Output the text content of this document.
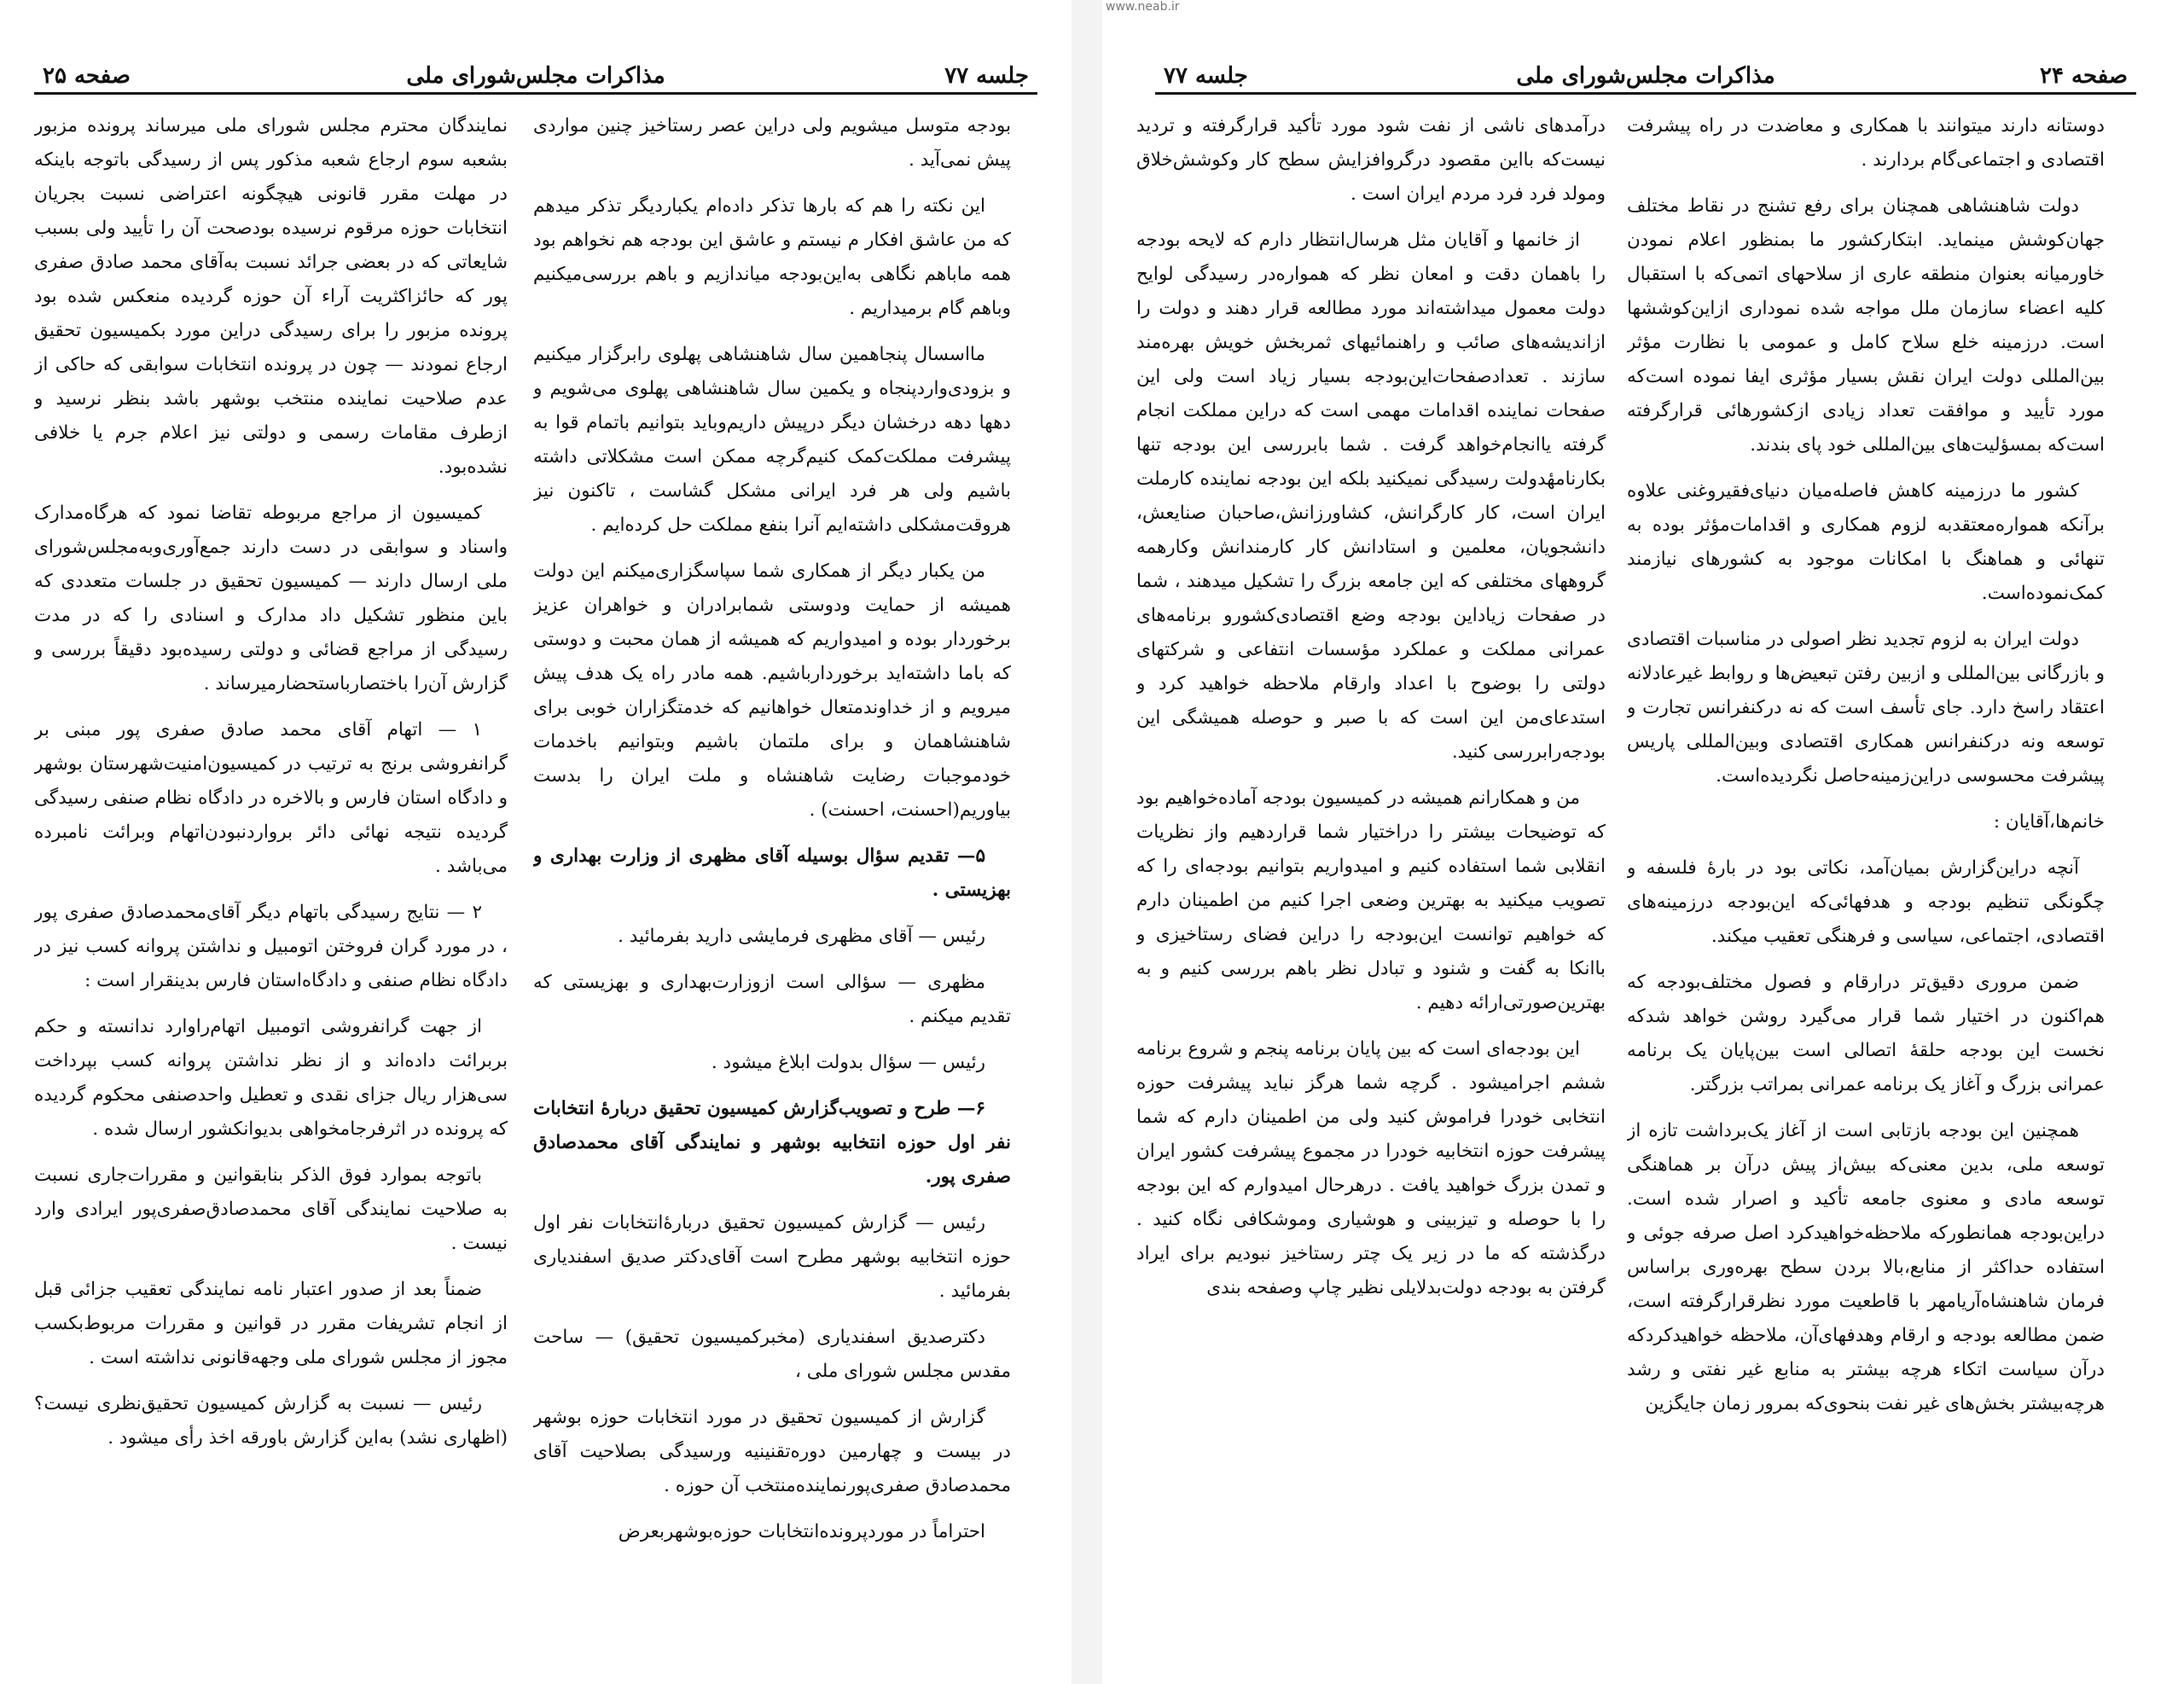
صفحه ۲۵	مذاکرات مجلس‌شورای ملی	جلسه ۷۷

بودجه متوسل میشویم ولی دراین عصر رستاخیز چنین مواردی پیش نمی‌آید .

این نکته را هم که بارها تذکر داده‌ام یکباردیگر تذکر میدهم که من عاشق افکار م نیستم و عاشق این بودجه هم نخواهم بود همه ماباهم نگاهی به‌این‌بودجه میاندازیم و باهم بررسی‌میکنیم وباهم گام برمیداریم .

مااسسال پنجاهمین سال شاهنشاهی پهلوی رابرگزار میکنیم و بزودی‌واردپنجاه و یکمین سال شاهنشاهی پهلوی می‌شویم و دهها دهه درخشان دیگر درپیش داریم‌وباید بتوانیم باتمام قوا به پیشرفت مملکت‌کمک کنیم‌گرچه ممکن است مشکلاتی داشته باشیم ولی هر فرد ایرانی مشکل گشاست ، تاکنون نیز هروقت‌مشکلی داشته‌ایم آنرا بنفع مملکت حل کرده‌ایم .

من یکبار دیگر از همکاری شما سپاسگزاری‌میکنم این دولت همیشه از حمایت ودوستی شمابرادران و خواهران عزیز برخوردار بوده و امیدواریم که همیشه از همان محبت و دوستی که باما داشته‌اید برخوردارباشیم. همه مادر راه یک هدف پیش میرویم و از خداوندمتعال خواهانیم که خدمتگزاران خوبی برای شاهنشاهمان و برای ملتمان باشیم وبتوانیم باخدمات خودموجبات رضایت شاهنشاه و ملت ایران را بدست بیاوریم(احسنت، احسنت) .

۵— تقدیم سؤال بوسیله آقای مظهری از وزارت بهداری و بهزیستی .

رئیس — آقای مظهری فرمایشی دارید بفرمائید .

مظهری — سؤالی است ازوزارت‌بهداری و بهزیستی که تقدیم میکنم .

رئیس — سؤال بدولت ابلاغ میشود .

۶— طرح و تصویب‌گزارش کمیسیون تحقیق دربارهٔ انتخابات نفر اول حوزه انتخابیه بوشهر و نمایندگی آقای محمدصادق صفری پور.

رئیس — گزارش کمیسیون تحقیق دربارهٔ‌انتخابات نفر اول حوزه انتخابیه بوشهر مطرح است آقای‌دکتر صدیق اسفندیاری بفرمائید .

دکترصدیق اسفندیاری (مخبرکمیسیون تحقیق) — ساحت مقدس مجلس شورای ملی ،

گزارش از کمیسیون تحقیق در مورد انتخابات حوزه بوشهر در بیست و چهارمین دوره‌تقنینیه ورسیدگی بصلاحیت آقای محمدصادق صفری‌پورنماینده‌منتخب آن حوزه .

احتراماً در موردپرونده‌انتخابات حوزه‌بوشهربعرض

نمایندگان محترم مجلس شورای ملی میرساند پرونده مزبور بشعبه سوم ارجاع شعبه مذکور پس از رسیدگی باتوجه باینکه در مهلت مقرر قانونی هیچگونه اعتراضی نسبت بجریان انتخابات حوزه مرقوم نرسیده بودصحت آن را تأیید ولی بسبب شایعاتی که در بعضی جرائد نسبت به‌آقای محمد صادق صفری پور که حائزاکثریت آراء آن حوزه گردیده منعکس شده بود پرونده مزبور را برای رسیدگی دراین مورد بکمیسیون تحقیق ارجاع نمودند — چون در پرونده انتخابات سوابقی که حاکی از عدم صلاحیت نماینده منتخب بوشهر باشد بنظر نرسید و ازطرف مقامات رسمی و دولتی نیز اعلام جرم یا خلافی نشده‌بود.

کمیسیون از مراجع مربوطه تقاضا نمود که هرگاه‌مدارک واسناد و سوابقی در دست دارند جمع‌آوری‌و‌به‌مجلس‌شورای ملی ارسال دارند — کمیسیون تحقیق در جلسات متعددی که باین منظور تشکیل داد مدارک و اسنادی را که در مدت رسیدگی از مراجع قضائی و دولتی رسیده‌بود دقیقاً بررسی و گزارش آن‌را باختصار‌باستحضار‌میرساند .

۱ — اتهام آقای محمد صادق صفری پور مبنی بر گرانفروشی برنج به ترتیب در کمیسیون‌امنیت‌شهرستان بوشهر و دادگاه استان فارس و بالاخره در دادگاه نظام صنفی رسیدگی گردیده نتیجه نهائی دائر برواردنبودن‌اتهام وبرائت نامبرده می‌باشد .

۲ — نتایج رسیدگی باتهام دیگر آقای‌محمدصادق صفری پور ، در مورد گران فروختن اتومبیل و نداشتن پروانه کسب نیز در دادگاه نظام صنفی و دادگاه‌استان فارس بدینقرار است :

از جهت گرانفروشی اتومبیل اتهام‌راوارد ندانسته و حکم بربرائت داده‌اند و از نظر نداشتن پروانه کسب بپرداخت سی‌هزار ریال جزای نقدی و تعطیل واحدصنفی محکوم گردیده که پرونده در اثرفرجامخواهی بدیوانکشور ارسال شده .

باتوجه بموارد فوق الذکر بنابقوانین و مقررات‌جاری نسبت به صلاحیت نمایندگی آقای محمدصادق‌صفری‌پور ایرادی وارد نیست .

ضمناً بعد از صدور اعتبار نامه نمایندگی تعقیب جزائی قبل از انجام تشریفات مقرر در قوانین و مقررات مربوط‌بکسب مجوز از مجلس شورای ملی وجهه‌قانونی نداشته است .

رئیس — نسبت به گزارش کمیسیون تحقیق‌نظری نیست؟(اظهاری نشد) به‌این گزارش باورقه اخذ رأی میشود .

www.neab.ir
جلسه ۷۷	مذاکرات مجلس‌شورای ملی	صفحه ۲۴

دوستانه دارند میتوانند با همکاری و معاضدت در راه پیشرفت اقتصادی و اجتماعی‌گام بردارند .

دولت شاهنشاهی همچنان برای رفع تشنج در نقاط مختلف جهان‌کوشش مینماید. ابتکارکشور ما بمنظور اعلام نمودن خاورمیانه بعنوان منطقه عاری از سلاحهای اتمی‌که با استقبال کلیه اعضاء سازمان ملل مواجه شده نموداری ازاین‌کوششها است. درزمینه خلع سلاح کامل و عمومی با نظارت مؤثر بین‌المللی دولت ایران نقش بسیار مؤثری ایفا نموده است‌که مورد تأیید و موافقت تعداد زیادی ازکشورهائی قرارگرفته است‌که بمسؤلیت‌های بین‌المللی خود پای بندند.

کشور ما درزمینه کاهش فاصله‌میان دنیای‌فقیروغنی علاوه برآنکه همواره‌معتقدبه لزوم همکاری و اقدامات‌مؤثر بوده به تنهائی و هماهنگ با امکانات موجود به کشورهای نیازمند کمک‌نموده‌است.

دولت ایران به لزوم تجدید نظر اصولی در مناسبات اقتصادی و بازرگانی بین‌المللی و ازبین رفتن تبعیض‌ها و روابط غیرعادلانه اعتقاد راسخ دارد. جای تأسف است که نه درکنفرانس تجارت و توسعه ونه درکنفرانس همکاری اقتصادی وبین‌المللی پاریس پیشرفت محسوسی دراین‌زمینه‌حاصل نگردیده‌است.

خانم‌ها،آقایان :

آنچه دراین‌گزارش بمیان‌آمد، نکاتی بود در بارهٔ فلسفه و چگونگی تنظیم بودجه و هدفهائی‌که این‌بودجه درزمینه‌های اقتصادی، اجتماعی، سیاسی و فرهنگی تعقیب میکند.

ضمن مروری دقیق‌تر درارقام و فصول مختلف‌بودجه که هم‌اکنون در اختیار شما قرار می‌گیرد روشن خواهد شدکه نخست این بودجه حلقهٔ اتصالی است بین‌پایان یک برنامه عمرانی بزرگ و آغاز یک برنامه عمرانی بمراتب بزرگتر.

همچنین این بودجه بازتابی است از آغاز یک‌برداشت تازه از توسعه ملی، بدین معنی‌که بیش‌از پیش درآن بر هماهنگی توسعه مادی و معنوی جامعه تأکید و اصرار شده است. دراین‌بودجه همانطورکه ملاحظه‌خواهیدکرد اصل صرفه جوئی و استفاده حداکثر از منابع،بالا بردن سطح بهره‌وری براساس فرمان شاهنشاه‌آریامهر با قاطعیت مورد نظرقرارگرفته است، ضمن مطالعه بودجه و ارقام وهدفهای‌آن، ملاحظه خواهیدکردکه درآن سیاست اتکاء هرچه بیشتر به منابع غیر نفتی و رشد هرچه‌بیشتر بخش‌های غیر نفت بنحوی‌که بمرور زمان جایگزین

درآمدهای ناشی از نفت شود مورد تأکید قرارگرفته و تردید نیست‌که بااین مقصود درگروافزایش سطح کار وکوشش‌خلاق ومولد فرد فرد مردم ایران است .

از خانمها و آقایان مثل هرسال‌انتظار دارم که لایحه بودجه را باهمان دقت و امعان نظر که همواره‌در رسیدگی لوایح دولت معمول میداشته‌اند مورد مطالعه قرار دهند و دولت را ازاندیشه‌های صائب و راهنمائیهای ثمربخش خویش بهره‌مند سازند . تعدادصفحات‌این‌بودجه بسیار زیاد است ولی این صفحات نماینده اقدامات مهمی است که دراین مملکت انجام گرفته یاانجام‌خواهد گرفت . شما بابررسی این بودجه تنها بکارنامهٔدولت رسیدگی نمیکنید بلکه این بودجه نماینده کارملت ایران است، کار کارگرانش، کشاورزانش،صاحبان صنایعش، دانشجویان، معلمین و استادانش کار کارمندانش وکارهمه گروههای مختلفی که این جامعه بزرگ را تشکیل میدهند ، شما در صفحات زیاداین بودجه وضع اقتصادی‌کشورو برنامه‌های عمرانی مملکت و عملکرد مؤسسات انتفاعی و شرکتهای دولتی را بوضوح با اعداد وارقام ملاحظه خواهید کرد و استدعای‌من این است که با صبر و حوصله همیشگی این بودجه‌رابررسی کنید.

من و همکارانم همیشه در کمیسیون بودجه آماده‌خواهیم بود که توضیحات بیشتر را دراختیار شما قراردهیم واز نظریات انقلابی شما استفاده کنیم و امیدواریم بتوانیم بودجه‌ای را که تصویب میکنید به بهترین وضعی اجرا کنیم من اطمینان دارم که خواهیم توانست این‌بودجه را دراین فضای رستاخیزی و باانکا به گفت و شنود و تبادل نظر باهم بررسی کنیم و به بهترین‌صورتی‌ارائه دهیم .

این بودجه‌ای است که بین پایان برنامه پنجم و شروع برنامه ششم اجرامیشود . گرچه شما هرگز نباید پیشرفت حوزه انتخابی خودرا فراموش کنید ولی من اطمینان دارم که شما پیشرفت حوزه انتخابیه خودرا در مجموع پیشرفت کشور ایران و تمدن بزرگ خواهید یافت . درهرحال امیدوارم که این بودجه را با حوصله و تیزبینی و هوشیاری وموشکافی نگاه کنید . درگذشته که ما در زیر یک چتر رستاخیز نبودیم برای ایراد گرفتن به بودجه دولت‌بدلایلی نظیر چاپ وصفحه بندی
